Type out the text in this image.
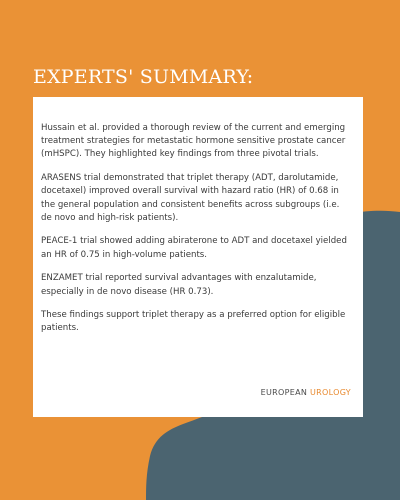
EXPERTS' SUMMARY:

Hussain et al. provided a thorough review of the current and emerging treatment strategies for metastatic hormone sensitive prostate cancer (mHSPC). They highlighted key findings from three pivotal trials.

ARASENS trial demonstrated that triplet therapy (ADT, darolutamide, docetaxel) improved overall survival with hazard ratio (HR) of 0.68 in the general population and consistent benefits across subgroups (i.e. de novo and high-risk patients).

PEACE-1 trial showed adding abiraterone to ADT and docetaxel yielded an HR of 0.75 in high-volume patients.

ENZAMET trial reported survival advantages with enzalutamide, especially in de novo disease (HR 0.73).

These findings support triplet therapy as a preferred option for eligible patients.

EUROPEAN UROLOGY
